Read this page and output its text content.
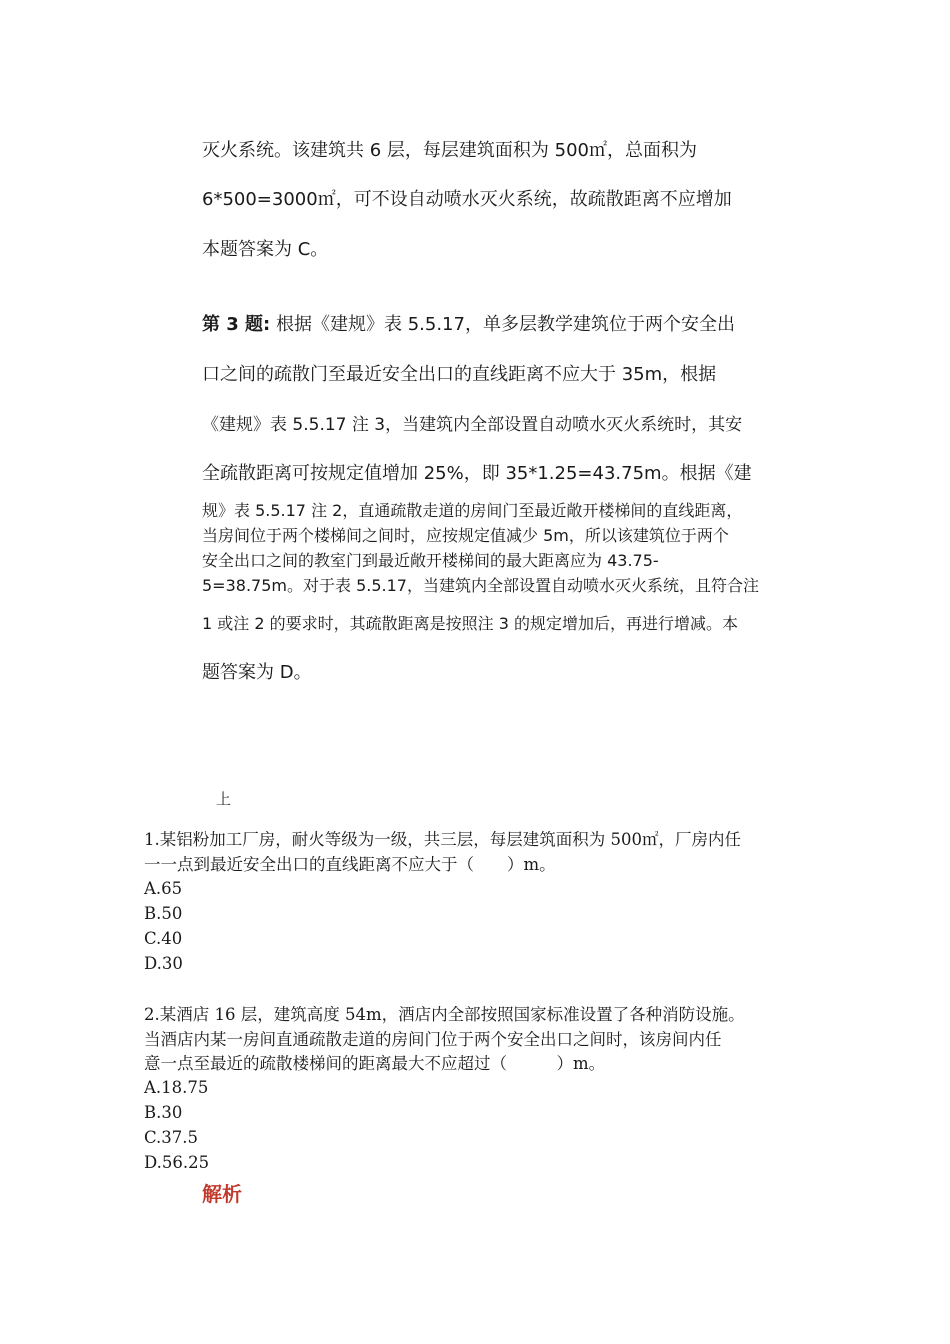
灭火系统。该建筑共 6 层，每层建筑面积为 500㎡，总面积为
6*500=3000㎡，可不设自动喷水灭火系统，故疏散距离不应增加
本题答案为 C。
第 3 题: 根据《建规》表 5.5.17，单多层教学建筑位于两个安全出
口之间的疏散门至最近安全出口的直线距离不应大于 35m，根据
《建规》表 5.5.17 注 3，当建筑内全部设置自动喷水灭火系统时，其安
全疏散距离可按规定值增加 25%，即 35*1.25=43.75m。根据《建
规》表 5.5.17 注 2，直通疏散走道的房间门至最近敞开楼梯间的直线距离，
当房间位于两个楼梯间之间时，应按规定值减少 5m，所以该建筑位于两个
安全出口之间的教室门到最近敞开楼梯间的最大距离应为 43.75-
5=38.75m。对于表 5.5.17，当建筑内全部设置自动喷水灭火系统，且符合注
1 或注 2 的要求时，其疏散距离是按照注 3 的规定增加后，再进行增减。本
题答案为 D。
上
1.某铝粉加工厂房，耐火等级为一级，共三层，每层建筑面积为 500㎡，厂房内任
一一点到最近安全出口的直线距离不应大于（　　）m。
A.65
B.50
C.40
D.30
2.某酒店 16 层，建筑高度 54m，酒店内全部按照国家标准设置了各种消防设施。
当酒店内某一房间直通疏散走道的房间门位于两个安全出口之间时，该房间内任
意一点至最近的疏散楼梯间的距离最大不应超过（　　　）m。
A.18.75
B.30
C.37.5
D.56.25
解析
